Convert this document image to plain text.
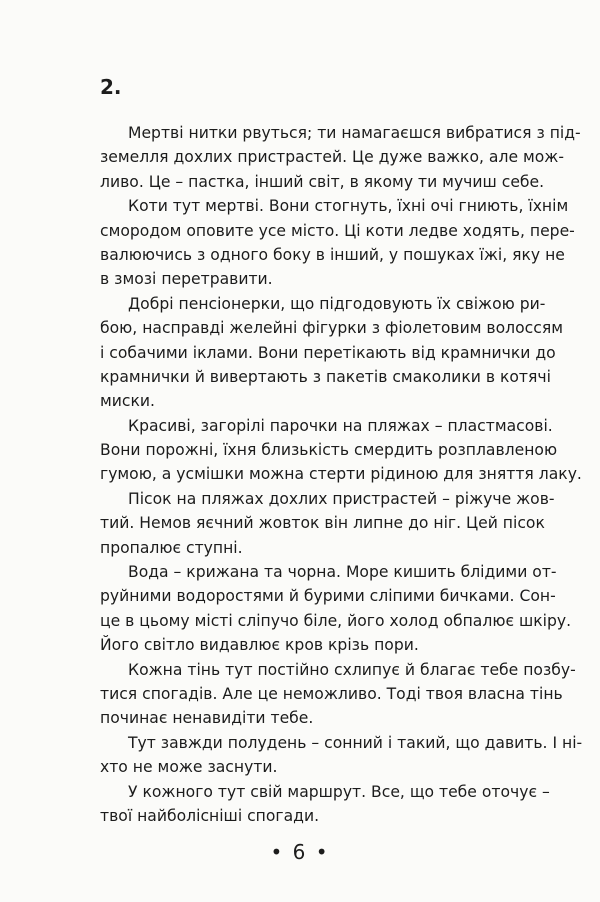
2.
Мертві нитки рвуться; ти намагаєшся вибратися з під-
земелля дохлих пристрастей. Це дуже важко, але мож-
ливо. Це – пастка, інший світ, в якому ти мучиш себе.
Коти тут мертві. Вони стогнуть, їхні очі гниють, їхнім
смородом оповите усе місто. Ці коти ледве ходять, пере-
валюючись з одного боку в інший, у пошуках їжі, яку не
в змозі перетравити.
Добрі пенсіонерки, що підгодовують їх свіжою ри-
бою, насправді желейні фігурки з фіолетовим волоссям
і собачими іклами. Вони перетікають від крамнички до
крамнички й вивертають з пакетів смаколики в котячі
миски.
Красиві, загорілі парочки на пляжах – пластмасові.
Вони порожні, їхня близькість смердить розплавленою
гумою, а усмішки можна стерти рідиною для зняття лаку.
Пісок на пляжах дохлих пристрастей – ріжуче жов-
тий. Немов яєчний жовток він липне до ніг. Цей пісок
пропалює ступні.
Вода – крижана та чорна. Море кишить блідими от-
руйними водоростями й бурими сліпими бичками. Сон-
це в цьому місті сліпучо біле, його холод обпалює шкіру.
Його світло видавлює кров крізь пори.
Кожна тінь тут постійно схлипує й благає тебе позбу-
тися спогадів. Але це неможливо. Тоді твоя власна тінь
починає ненавидіти тебе.
Тут завжди полудень – сонний і такий, що давить. І ні-
хто не може заснути.
У кожного тут свій маршрут. Все, що тебе оточує –
твої найболісніші спогади.
• 6 •
